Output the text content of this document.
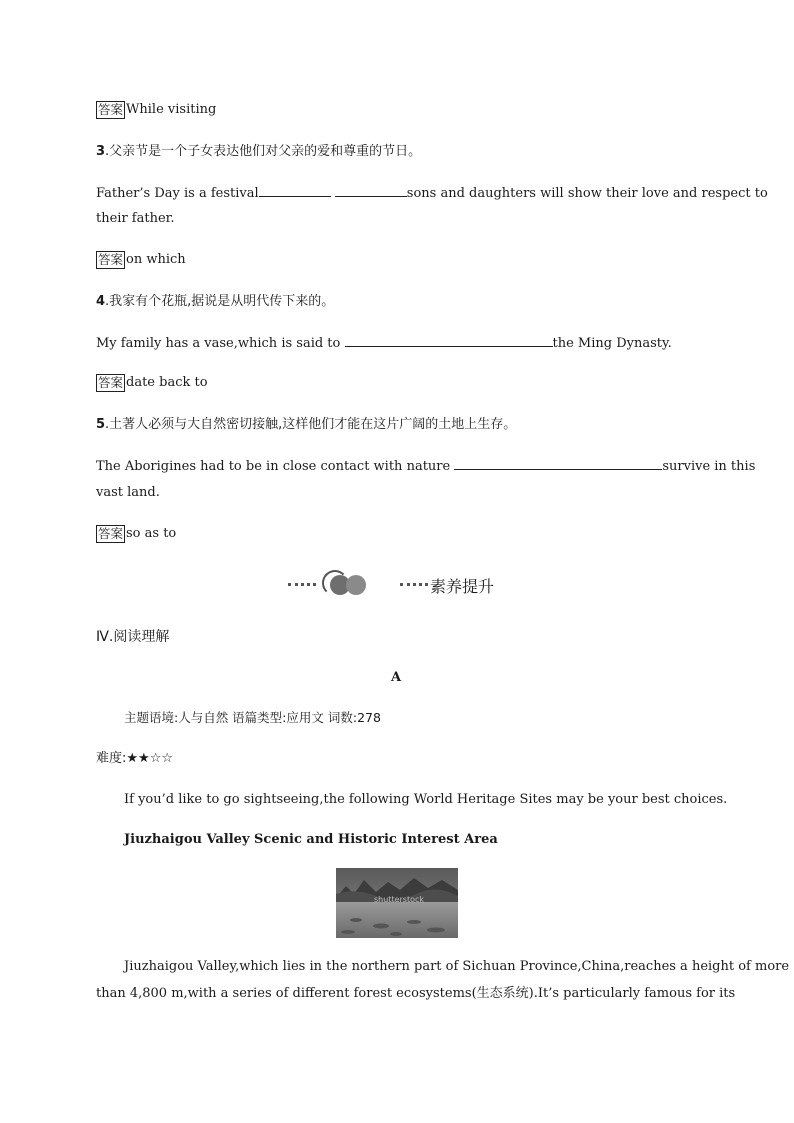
答案 While visiting
3.父亲节是一个子女表达他们对父亲的爱和尊重的节日。
Father’s Day is a festival	sons and daughters will show their love and respect to
their father.
答案 on which
4.我家有个花瓶,据说是从明代传下来的。
My family has a vase,which is said to	the Ming Dynasty.
答案 date back to
5.土著人必须与大自然密切接触,这样他们才能在这片广阔的土地上生存。
The Aborigines had to be in close contact with nature	survive in this
vast land.
答案 so as to
素养提升
Ⅳ.阅读理解
A
主题语境:人与自然 语篇类型:应用文 词数:278
难度:★★☆☆
If you’d like to go sightseeing,the following World Heritage Sites may be your best choices.
Jiuzhaigou Valley Scenic and Historic Interest Area
shutterstock
Jiuzhaigou Valley,which lies in the northern part of Sichuan Province,China,reaches a height of more
than 4,800 m,with a series of different forest ecosystems(生态系统).It’s particularly famous for its
